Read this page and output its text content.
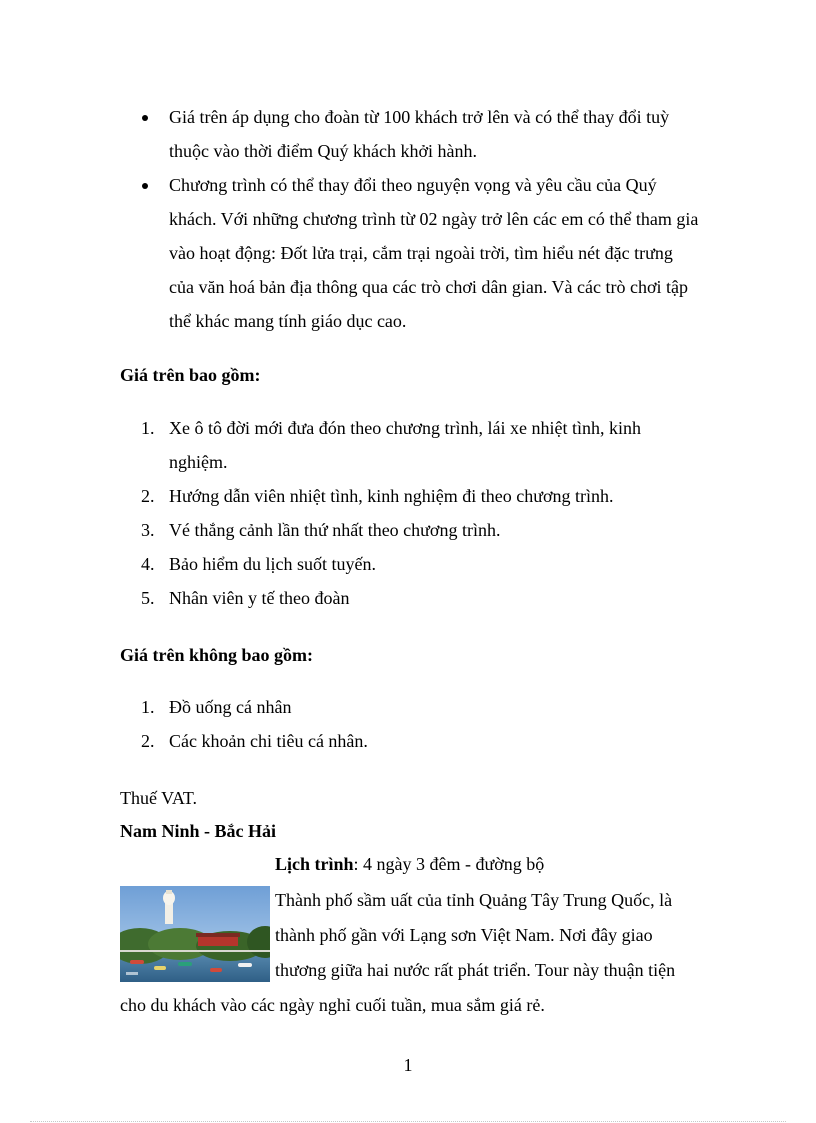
Giá trên áp dụng cho đoàn từ 100 khách trở lên và có thể thay đổi tuỳ thuộc vào thời điểm Quý khách khởi hành.
Chương trình có thể thay đổi theo nguyện vọng và yêu cầu của Quý khách. Với những chương trình từ 02 ngày trở lên các em có thể tham gia vào hoạt động: Đốt lửa trại, cắm trại ngoài trời, tìm hiểu nét đặc trưng của văn hoá bản địa thông qua các trò chơi dân gian. Và các trò chơi tập thể khác mang tính giáo dục cao.

Giá trên bao gồm:

1. Xe ô tô đời mới đưa đón theo chương trình, lái xe nhiệt tình, kinh nghiệm.
2. Hướng dẫn viên nhiệt tình, kinh nghiệm đi theo chương trình.
3. Vé thắng cảnh lần thứ nhất theo chương trình.
4. Bảo hiểm du lịch suốt tuyến.
5. Nhân viên y tế theo đoàn

Giá trên không bao gồm:

1. Đồ uống cá nhân
2. Các khoản chi tiêu cá nhân.

Thuế VAT.

Nam Ninh - Bắc Hải

Lịch trình: 4 ngày 3 đêm - đường bộ

Thành phố sầm uất của tỉnh Quảng Tây Trung Quốc, là thành phố gần với Lạng sơn Việt Nam. Nơi đây giao thương giữa hai nước rất phát triển. Tour này thuận tiện cho du khách vào các ngày nghỉ cuối tuần, mua sắm giá rẻ.

1
